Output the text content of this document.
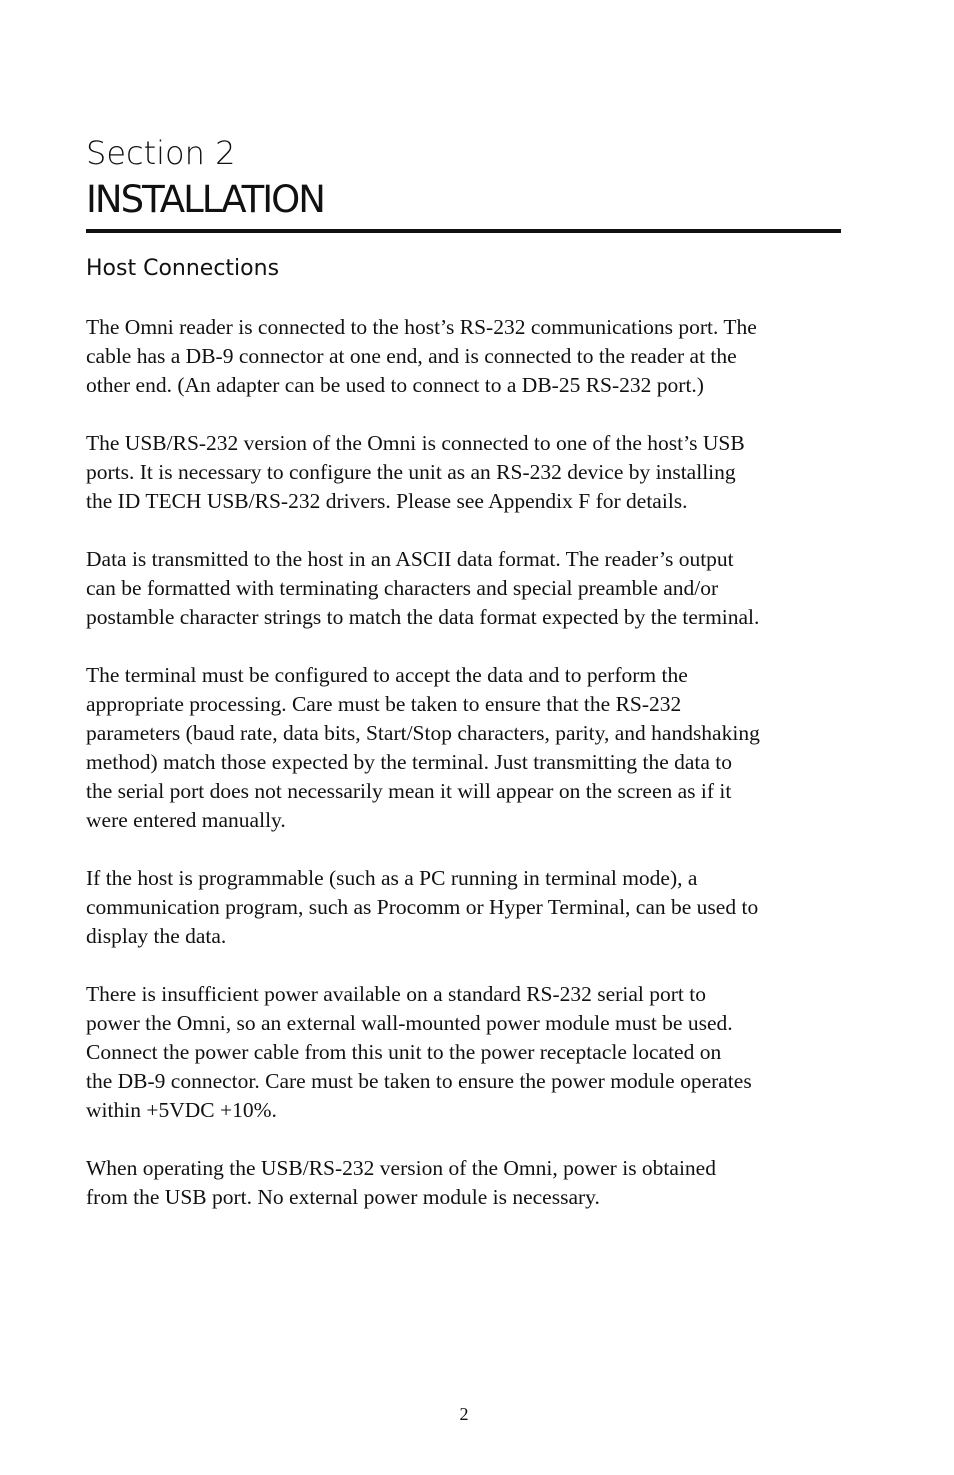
Section 2
INSTALLATION
Host Connections

The Omni reader is connected to the host’s RS-232 communications port. The
cable has a DB-9 connector at one end, and is connected to the reader at the
other end. (An adapter can be used to connect to a DB-25 RS-232 port.)

The USB/RS-232 version of the Omni is connected to one of the host’s USB
ports. It is necessary to configure the unit as an RS-232 device by installing
the ID TECH USB/RS-232 drivers. Please see Appendix F for details.

Data is transmitted to the host in an ASCII data format. The reader’s output
can be formatted with terminating characters and special preamble and/or
postamble character strings to match the data format expected by the terminal.

The terminal must be configured to accept the data and to perform the
appropriate processing. Care must be taken to ensure that the RS-232
parameters (baud rate, data bits, Start/Stop characters, parity, and handshaking
method) match those expected by the terminal. Just transmitting the data to
the serial port does not necessarily mean it will appear on the screen as if it
were entered manually.

If the host is programmable (such as a PC running in terminal mode), a
communication program, such as Procomm or Hyper Terminal, can be used to
display the data.

There is insufficient power available on a standard RS-232 serial port to
power the Omni, so an external wall-mounted power module must be used.
Connect the power cable from this unit to the power receptacle located on
the DB-9 connector. Care must be taken to ensure the power module operates
within +5VDC +10%.

When operating the USB/RS-232 version of the Omni, power is obtained
from the USB port. No external power module is necessary.

2
